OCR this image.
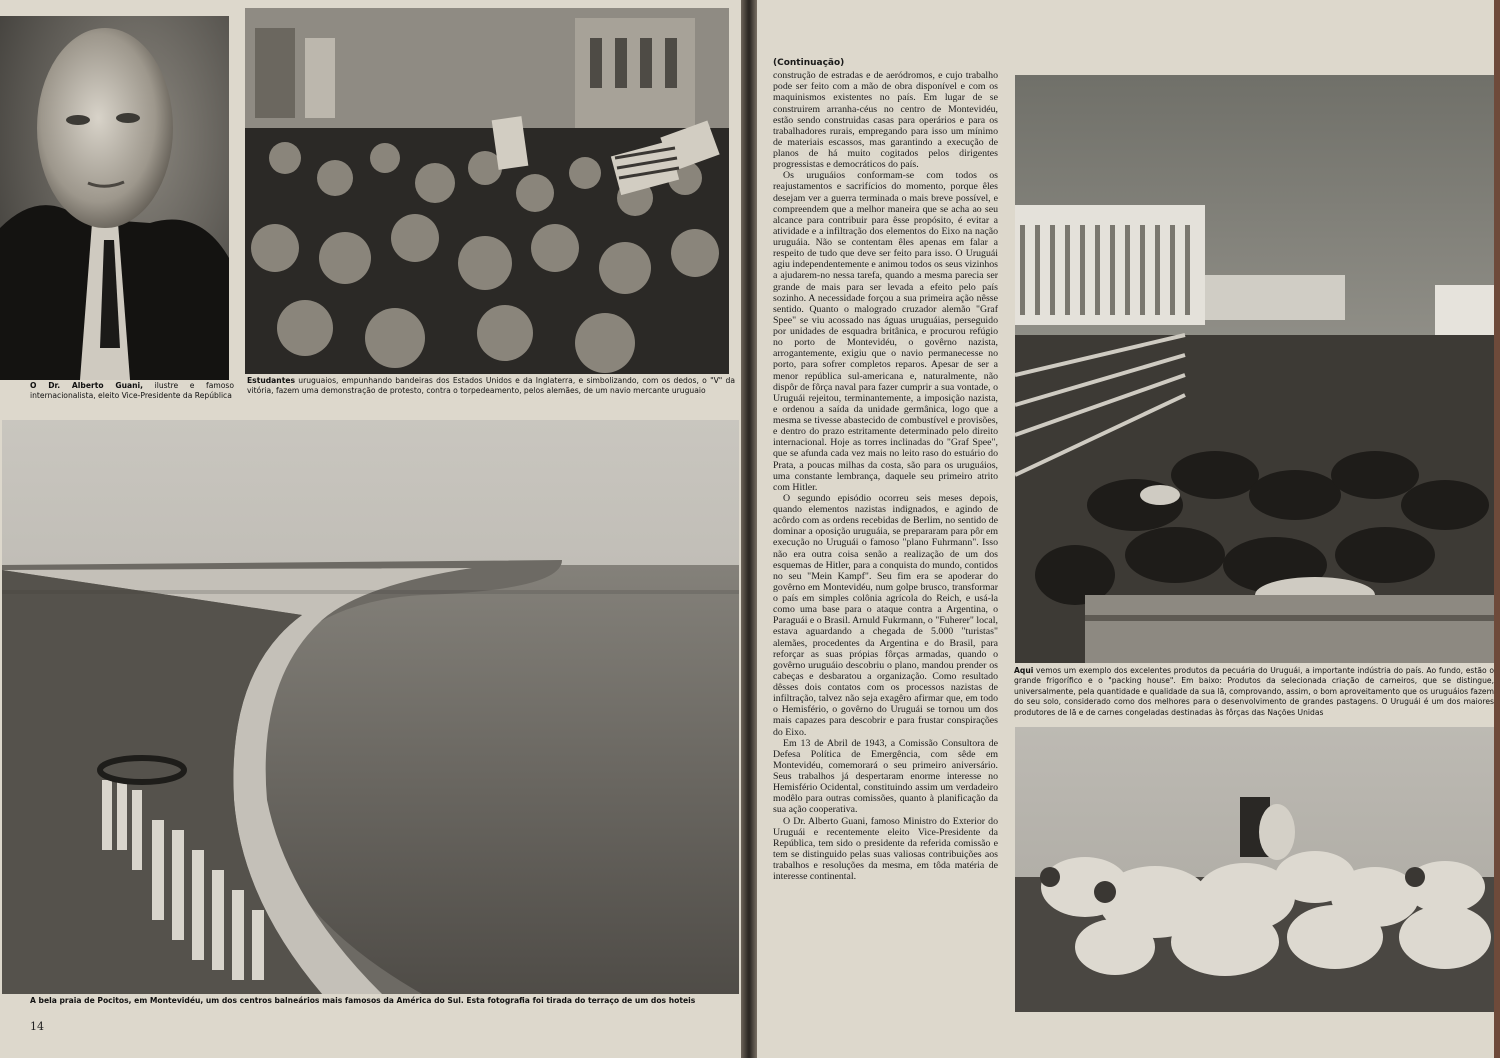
O Dr. Alberto Guani, ilustre e famoso internacionalista, eleito Vice-Presidente da República
Estudantes uruguaios, empunhando bandeiras dos Estados Unidos e da Inglaterra, e simbolizando, com os dedos, o "V" da vitória, fazem uma demonstração de protesto, contra o torpedeamento, pelos alemães, de um navio mercante uruguaio
A bela praia de Pocitos, em Montevidéu, um dos centros balneários mais famosos da América do Sul. Esta fotografia foi tirada do terraço de um dos hoteis
14
(Continuação)

construção de estradas e de aeródromos, e cujo trabalho pode ser feito com a mão de obra disponível e com os maquinismos existentes no país. Em lugar de se construirem arranha-céus no centro de Montevidéu, estão sendo construidas casas para operários e para os trabalhadores rurais, empregando para isso um mínimo de materiais escassos, mas garantindo a execução de planos de há muito cogitados pelos dirigentes progressistas e democráticos do país.

Os uruguáios conformam-se com todos os reajustamentos e sacrifícios do momento, porque êles desejam ver a guerra terminada o mais breve possível, e compreendem que a melhor maneira que se acha ao seu alcance para contribuir para êsse propósito, é evitar a atividade e a infiltração dos elementos do Eixo na nação uruguáia. Não se contentam êles apenas em falar a respeito de tudo que deve ser feito para isso. O Uruguái agiu independentemente e animou todos os seus vizinhos a ajudarem-no nessa tarefa, quando a mesma parecia ser grande de mais para ser levada a efeito pelo país sozinho. A necessidade forçou a sua primeira ação nêsse sentido. Quanto o malogrado cruzador alemão "Graf Spee" se viu acossado nas águas uruguáias, perseguido por unidades de esquadra britânica, e procurou refúgio no porto de Montevidéu, o govêrno nazista, arrogantemente, exigiu que o navio permanecesse no porto, para sofrer completos reparos. Apesar de ser a menor república sul-americana e, naturalmente, não dispôr de fôrça naval para fazer cumprir a sua vontade, o Uruguái rejeitou, terminantemente, a imposição nazista, e ordenou a saída da unidade germânica, logo que a mesma se tivesse abastecido de combustível e provisões, e dentro do prazo estritamente determinado pelo direito internacional. Hoje as torres inclinadas do "Graf Spee", que se afunda cada vez mais no leito raso do estuário do Prata, a poucas milhas da costa, são para os uruguáios, uma constante lembrança, daquele seu primeiro atrito com Hitler.

O segundo episódio ocorreu seis meses depois, quando elementos nazistas indignados, e agindo de acôrdo com as ordens recebidas de Berlim, no sentido de dominar a oposição uruguáia, se prepararam para pôr em execução no Uruguái o famoso "plano Fuhrmann". Isso não era outra coisa senão a realização de um dos esquemas de Hitler, para a conquista do mundo, contidos no seu "Mein Kampf". Seu fim era se apoderar do govêrno em Montevidéu, num golpe brusco, transformar o país em simples colônia agrícola do Reich, e usá-la como uma base para o ataque contra a Argentina, o Paraguái e o Brasil. Arnuld Fukrmann, o "Fuherer" local, estava aguardando a chegada de 5.000 "turistas" alemães, procedentes da Argentina e do Brasil, para reforçar as suas própias fôrças armadas, quando o govêrno uruguáio descobriu o plano, mandou prender os cabeças e desbaratou a organização. Como resultado dêsses dois contatos com os processos nazistas de infiltração, talvez não seja exagêro afirmar que, em todo o Hemisfério, o govêrno do Uruguái se tornou um dos mais capazes para descobrir e para frustar conspirações do Eixo.

Em 13 de Abril de 1943, a Comissão Consultora de Defesa Política de Emergência, com sêde em Montevidéu, comemorará o seu primeiro aniversário. Seus trabalhos já despertaram enorme interesse no Hemisfério Ocidental, constituindo assim um verdadeiro modêlo para outras comissões, quanto à planificação da sua ação cooperativa.

O Dr. Alberto Guani, famoso Ministro do Exterior do Uruguái e recentemente eleito Vice-Presidente da República, tem sido o presidente da referida comissão e tem se distinguido pelas suas valiosas contribuições aos trabalhos e resoluções da mesma, em tôda matéria de interesse continental.

Aqui vemos um exemplo dos excelentes produtos da pecuária do Uruguái, a importante indústria do país. Ao fundo, estão o grande frigorífico e o "packing house". Em baixo: Produtos da selecionada criação de carneiros, que se distingue, universalmente, pela quantidade e qualidade da sua lã, comprovando, assim, o bom aproveitamento que os uruguáios fazem do seu solo, considerado como dos melhores para o desenvolvimento de grandes pastagens. O Uruguái é um dos maiores produtores de lã e de carnes congeladas destinadas às fôrças das Nações Unidas
